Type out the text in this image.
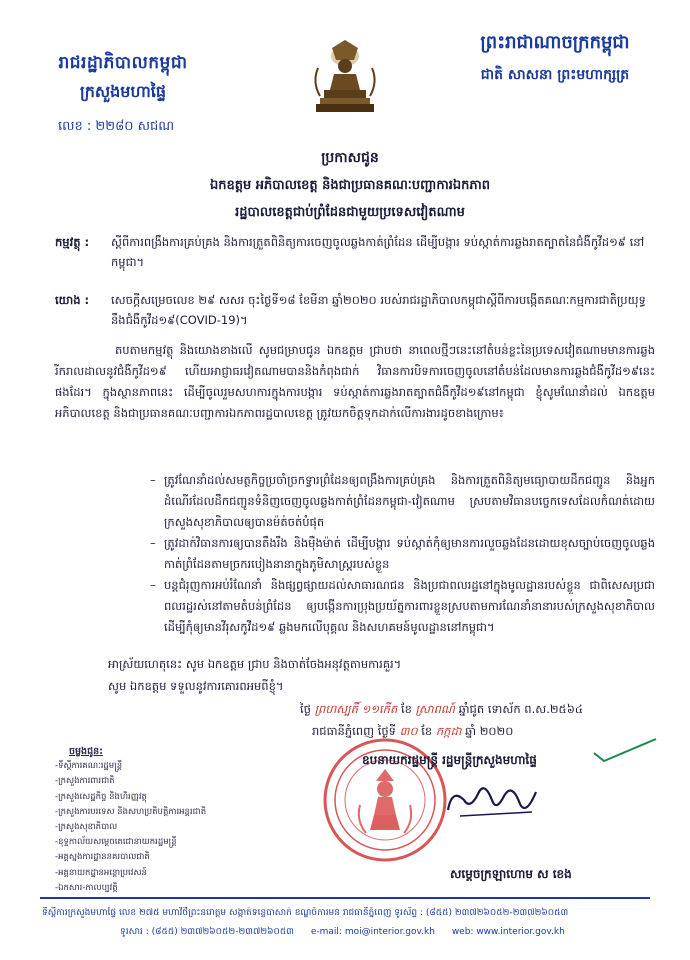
រាជរដ្ឋាភិបាលកម្ពុជា
ក្រសួងមហាផ្ទៃ
លេខ : ២២៨០ សជណ
ព្រះរាជាណាចក្រកម្ពុជា
ជាតិ សាសនា ព្រះមហាក្សត្រ
ប្រកាសជូន
ឯកឧត្តម អភិបាលខេត្ត និងជាប្រធានគណៈបញ្ជាការឯកភាព
រដ្ឋបាលខេត្តជាប់ព្រំដែនជាមួយប្រទេសវៀតណាម
កម្មវត្ថុ :	ស្តីពីការពង្រឹងការគ្រប់គ្រង និងការត្រួតពិនិត្យការចេញចូលឆ្លងកាត់ព្រំដែន ដើម្បីបង្ការ ទប់ស្កាត់ការឆ្លងរាតត្បាតនៃជំងឺកូវីដ១៩ នៅកម្ពុជា។
យោង :	សេចក្តីសម្រេចលេខ ២៩ សសរ ចុះថ្ងៃទី១៨ ខែមីនា ឆ្នាំ២០២០ របស់រាជរដ្ឋាភិបាលកម្ពុជាស្តីពីការបង្កើតគណៈកម្មការជាតិប្រយុទ្ធនឹងជំងឺកូវីដ១៩(COVID-19)។
តបតាមកម្មវត្ថុ និងយោងខាងលើ សូមជម្រាបជូន ឯកឧត្តម ជ្រាបថា នាពេលថ្មីៗនេះនៅតំបន់ខ្លះនៃប្រទេសវៀតណាមមានការឆ្លងរីករាលដាលនូវជំងឺកូវីដ១៩ ហើយអាជ្ញាធរវៀតណាមបាននិងកំពុងជាក់ វិធានការបិទការចេញចូលនៅតំបន់ដែលមានការឆ្លងជំងឺកូវីដ១៩នេះផងដែរ។ ក្នុងស្ថានភាពនេះ ដើម្បីចូលរួមសហការក្នុងការបង្ការ ទប់ស្កាត់ការឆ្លងរាតត្បាតជំងឺកូវីដ១៩នៅកម្ពុជា ខ្ញុំសូមណែនាំដល់ ឯកឧត្តម អភិបាលខេត្ត និងជាប្រធានគណៈបញ្ជាការឯកភាពរដ្ឋបាលខេត្ត ត្រូវយកចិត្តទុកដាក់លើការងារដូចខាងក្រោម៖
– ត្រូវណែនាំដល់សមត្ថកិច្ចប្រចាំច្រកទ្វារព្រំដែនឲ្យពង្រឹងការគ្រប់គ្រង និងការត្រួតពិនិត្យមធ្យោបាយដឹកជញ្ជូន និងអ្នកដំណើរដែលដឹកជញ្ជូនទំនិញចេញចូលឆ្លងកាត់ព្រំដែនកម្ពុជា-វៀតណាម ស្របតាមវិធានបច្ចេកទេសដែលកំណត់ដោយក្រសួងសុខាភិបាលឲ្យបានម៉ត់ចត់បំផុត
– ត្រូវដាក់វិធានការឲ្យបានតឹងរឹង និងម៉ឺងម៉ាត់ ដើម្បីបង្ការ ទប់ស្កាត់កុំឲ្យមានការលួចឆ្លងដែនដោយខុសច្បាប់ចេញចូលឆ្លងកាត់ព្រំដែនតាមច្រករបៀងនានាក្នុងភូមិសាស្ត្ររបស់ខ្លួន
– បន្តជំរុញការអប់រំណែនាំ និងផ្សព្វផ្សាយដល់សាធារណជន និងប្រជាពលរដ្ឋនៅក្នុងមូលដ្ឋានរបស់ខ្លួន ជាពិសេសប្រជាពលរដ្ឋរស់នៅតាមតំបន់ព្រំដែន ឲ្យបង្កើនការប្រុងប្រយ័ត្នការពារខ្លួនស្របតាមការណែនាំនានារបស់ក្រសួងសុខាភិបាល ដើម្បីកុំឲ្យមានវីរុសកូវីដ១៩ ឆ្លងមកលើបុគ្គល និងសហគមន៍មូលដ្ឋាននៅកម្ពុជា។
អាស្រ័យហេតុនេះ សូម ឯកឧត្តម ជ្រាប និងចាត់ចែងអនុវត្តតាមការគួរ។
សូម ឯកឧត្តម ទទួលនូវការគោរពអមពីខ្ញុំ។
ថ្ងៃ ព្រហស្បតិ៍ ១១កើត ខែ ស្រាពណ៍ ឆ្នាំជូត ទោស័ក ព.ស.២៥៦៤
រាជធានីភ្នំពេញ ថ្ងៃទី ៣០ ខែ កក្កដា ឆ្នាំ ២០២០
ឧបនាយករដ្ឋមន្ត្រី រដ្ឋមន្ត្រីក្រសួងមហាផ្ទៃ
សម្តេចក្រឡាហោម ស ខេង
ចម្លងជូន:
-ទីស្តីការគណៈរដ្ឋមន្ត្រី
-ក្រសួងការពារជាតិ
-ក្រសួងសេដ្ឋកិច្ច និងហិរញ្ញវត្ថុ
-ក្រសួងការបរទេស និងសហប្រតិបត្តិការអន្តរជាតិ
-ក្រសួងសុខាភិបាល
-ខុទ្ទកាល័យសម្តេចតេជោនាយករដ្ឋមន្ត្រី
-អគ្គស្នងការដ្ឋាននគរបាលជាតិ
-អគ្គនាយកដ្ឋានអន្តោប្រវេសន៍
-ឯកសារ-កាលប្បវត្តិ
ទីស្តីការក្រសួងមហាផ្ទៃ លេខ ២៧៥ មហាវិថីព្រះនរោត្តម សង្កាត់ទន្លេបាសាក់ ខណ្ឌចំការមន រាជធានីភ្នំពេញ ទូរស័ព្ទ : (៨៥៥) ២៣៧២៦០៥២-២៣៧២៦០៥៣
ទូរសារ : (៨៥៥) ២៣៧២៦០៥២-២៣៧២៦០៥៣ e-mail: moi@interior.gov.kh web: www.interior.gov.kh
